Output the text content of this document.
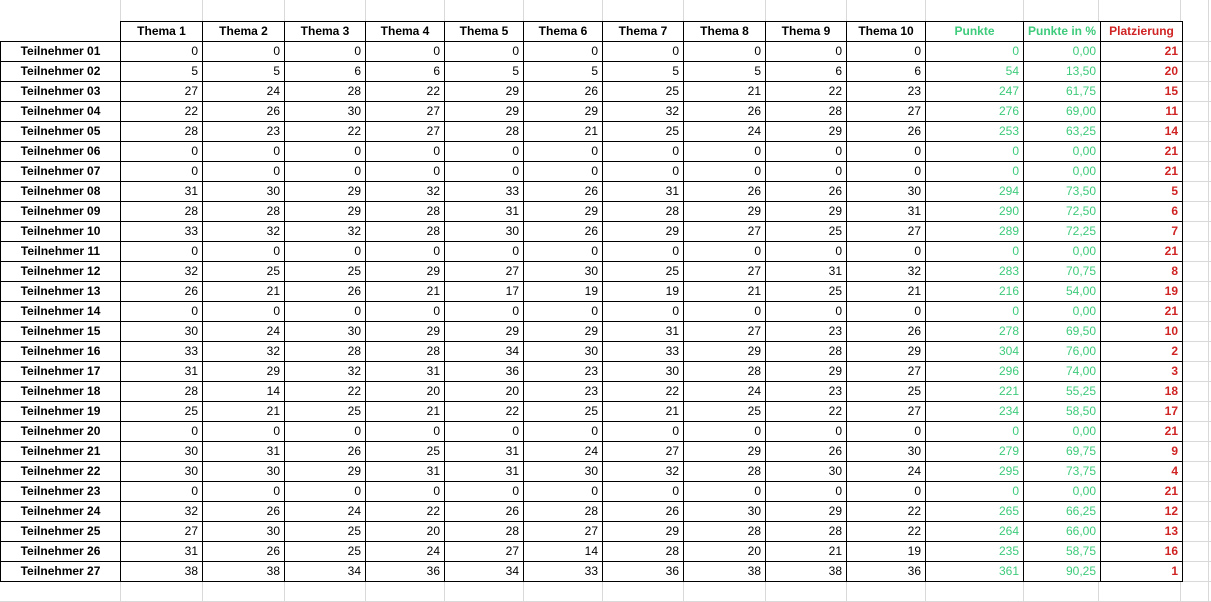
	Thema 1	Thema 2	Thema 3	Thema 4	Thema 5	Thema 6	Thema 7	Thema 8	Thema 9	Thema 10	Punkte	Punkte in %	Platzierung
Teilnehmer 01	0	0	0	0	0	0	0	0	0	0	0	0,00	21
Teilnehmer 02	5	5	6	6	5	5	5	5	6	6	54	13,50	20
Teilnehmer 03	27	24	28	22	29	26	25	21	22	23	247	61,75	15
Teilnehmer 04	22	26	30	27	29	29	32	26	28	27	276	69,00	11
Teilnehmer 05	28	23	22	27	28	21	25	24	29	26	253	63,25	14
Teilnehmer 06	0	0	0	0	0	0	0	0	0	0	0	0,00	21
Teilnehmer 07	0	0	0	0	0	0	0	0	0	0	0	0,00	21
Teilnehmer 08	31	30	29	32	33	26	31	26	26	30	294	73,50	5
Teilnehmer 09	28	28	29	28	31	29	28	29	29	31	290	72,50	6
Teilnehmer 10	33	32	32	28	30	26	29	27	25	27	289	72,25	7
Teilnehmer 11	0	0	0	0	0	0	0	0	0	0	0	0,00	21
Teilnehmer 12	32	25	25	29	27	30	25	27	31	32	283	70,75	8
Teilnehmer 13	26	21	26	21	17	19	19	21	25	21	216	54,00	19
Teilnehmer 14	0	0	0	0	0	0	0	0	0	0	0	0,00	21
Teilnehmer 15	30	24	30	29	29	29	31	27	23	26	278	69,50	10
Teilnehmer 16	33	32	28	28	34	30	33	29	28	29	304	76,00	2
Teilnehmer 17	31	29	32	31	36	23	30	28	29	27	296	74,00	3
Teilnehmer 18	28	14	22	20	20	23	22	24	23	25	221	55,25	18
Teilnehmer 19	25	21	25	21	22	25	21	25	22	27	234	58,50	17
Teilnehmer 20	0	0	0	0	0	0	0	0	0	0	0	0,00	21
Teilnehmer 21	30	31	26	25	31	24	27	29	26	30	279	69,75	9
Teilnehmer 22	30	30	29	31	31	30	32	28	30	24	295	73,75	4
Teilnehmer 23	0	0	0	0	0	0	0	0	0	0	0	0,00	21
Teilnehmer 24	32	26	24	22	26	28	26	30	29	22	265	66,25	12
Teilnehmer 25	27	30	25	20	28	27	29	28	28	22	264	66,00	13
Teilnehmer 26	31	26	25	24	27	14	28	20	21	19	235	58,75	16
Teilnehmer 27	38	38	34	36	34	33	36	38	38	36	361	90,25	1
